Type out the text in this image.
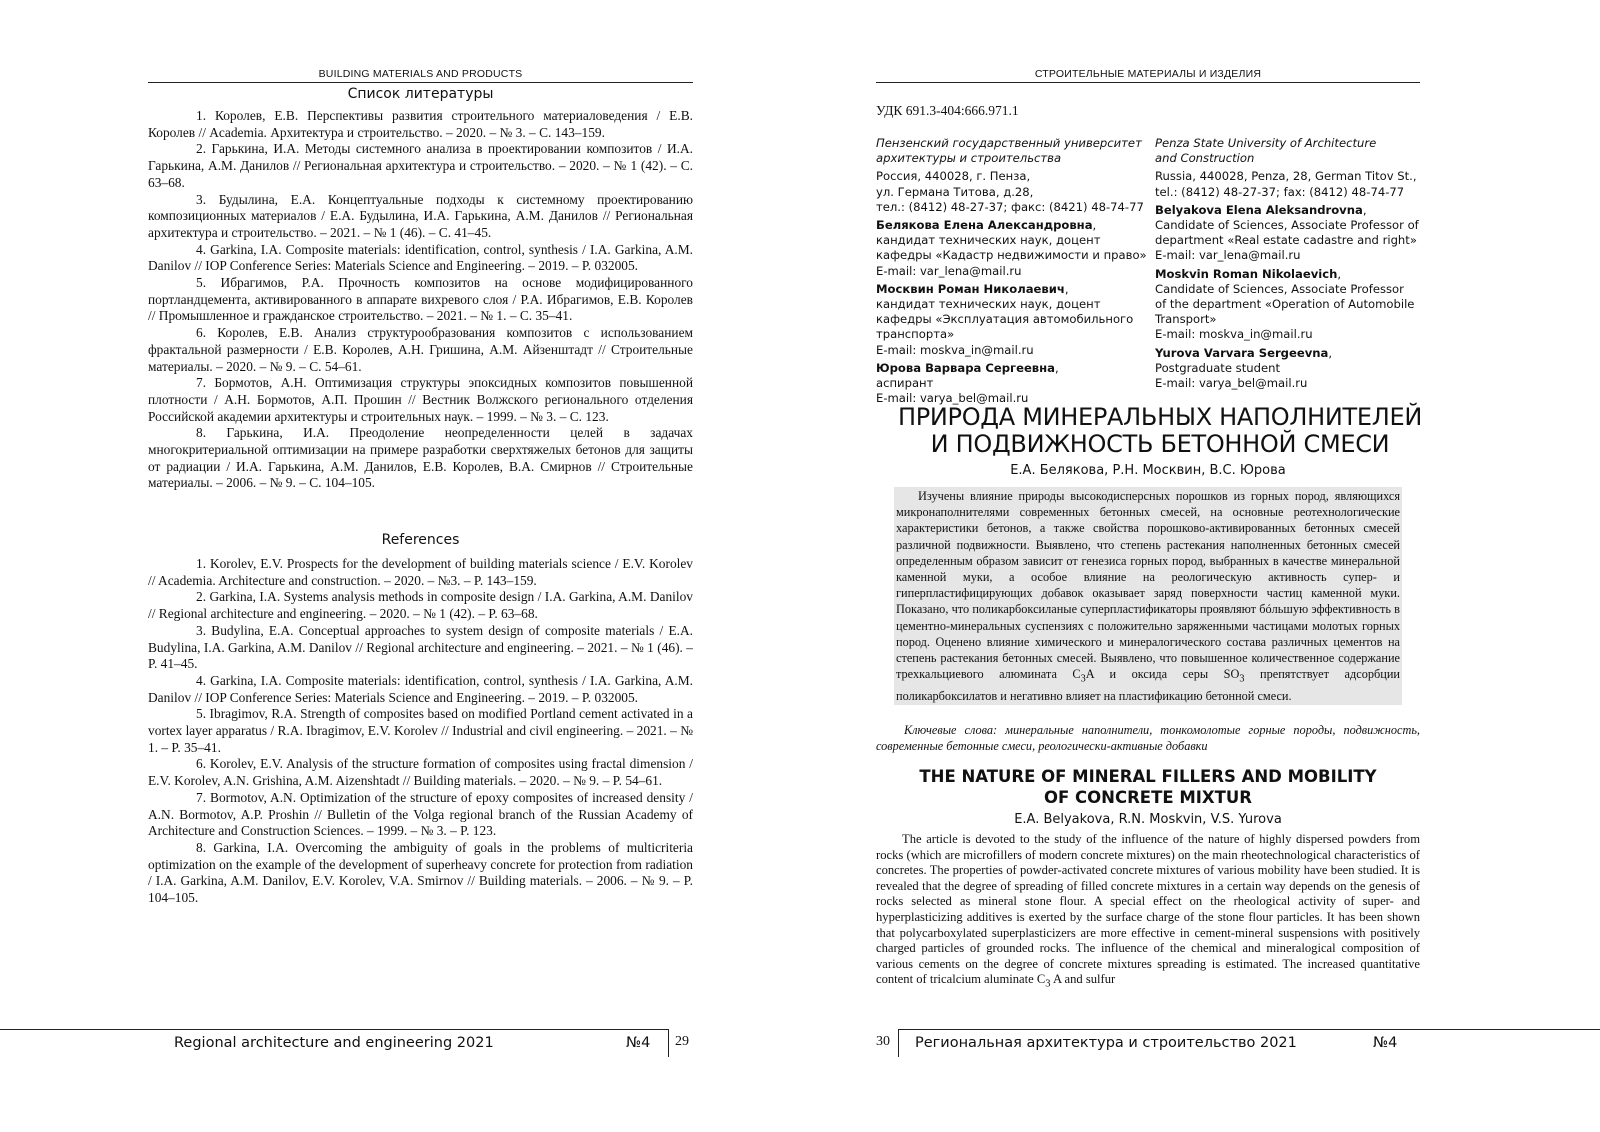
BUILDING MATERIALS AND PRODUCTS
Список литературы

1. Королев, Е.В. Перспективы развития строительного материаловедения / Е.В. Королев // Academia. Архитектура и строительство. – 2020. – № 3. – С. 143–159.

2. Гарькина, И.А. Методы системного анализа в проектировании композитов / И.А. Гарькина, А.М. Данилов // Региональная архитектура и строительство. – 2020. – № 1 (42). – С. 63–68.

3. Будылина, Е.А. Концептуальные подходы к системному проектированию композиционных материалов / Е.А. Будылина, И.А. Гарькина, А.М. Данилов // Региональная архитектура и строительство. – 2021. – № 1 (46). – С. 41–45.

4. Garkina, I.A. Composite materials: identification, control, synthesis / I.A. Garkina, A.M. Danilov // IOP Conference Series: Materials Science and Engineering. – 2019. – P. 032005.

5. Ибрагимов, Р.А. Прочность композитов на основе модифицированного портландцемента, активированного в аппарате вихревого слоя / Р.А. Ибрагимов, Е.В. Королев // Промышленное и гражданское строительство. – 2021. – № 1. – С. 35–41.

6. Королев, Е.В. Анализ структурообразования композитов с использованием фрактальной размерности / Е.В. Королев, А.Н. Гришина, А.М. Айзенштадт // Строительные материалы. – 2020. – № 9. – С. 54–61.

7. Бормотов, А.Н. Оптимизация структуры эпоксидных композитов повышенной плотности / А.Н. Бормотов, А.П. Прошин // Вестник Волжского регионального отделения Российской академии архитектуры и строительных наук. – 1999. – № 3. – С. 123.

8. Гарькина, И.А. Преодоление неопределенности целей в задачах многокритериальной оптимизации на примере разработки сверхтяжелых бетонов для защиты от радиации / И.А. Гарькина, А.М. Данилов, Е.В. Королев, В.А. Смирнов // Строительные материалы. – 2006. – № 9. – С. 104–105.

References

1. Korolev, E.V. Prospects for the development of building materials science / E.V. Korolev // Academia. Architecture and construction. – 2020. – №3. – P. 143–159.

2. Garkina, I.A. Systems analysis methods in composite design / I.A. Garkina, A.M. Danilov // Regional architecture and engineering. – 2020. – № 1 (42). – P. 63–68.

3. Budylina, E.A. Conceptual approaches to system design of composite materials / E.A. Budylina, I.A. Garkina, A.M. Danilov // Regional architecture and engineering. – 2021. – № 1 (46). – P. 41–45.

4. Garkina, I.A. Composite materials: identification, control, synthesis / I.A. Garkina, A.M. Danilov // IOP Conference Series: Materials Science and Engineering. – 2019. – P. 032005.

5. Ibragimov, R.A. Strength of composites based on modified Portland cement activated in a vortex layer apparatus / R.A. Ibragimov, E.V. Korolev // Industrial and civil engineering. – 2021. – № 1. – P. 35–41.

6. Korolev, E.V. Analysis of the structure formation of composites using fractal dimension / E.V. Korolev, A.N. Grishina, A.M. Aizenshtadt // Building materials. – 2020. – № 9. – P. 54–61.

7. Bormotov, A.N. Optimization of the structure of epoxy composites of increased density / A.N. Bormotov, A.P. Proshin // Bulletin of the Volga regional branch of the Russian Academy of Architecture and Construction Sciences. – 1999. – № 3. – P. 123.

8. Garkina, I.A. Overcoming the ambiguity of goals in the problems of multicriteria optimization on the example of the development of superheavy concrete for protection from radiation / I.A. Garkina, A.M. Danilov, E.V. Korolev, V.A. Smirnov // Building materials. – 2006. – № 9. – P. 104–105.

Regional architecture and engineering 2021	№4 29
СТРОИТЕЛЬНЫЕ МАТЕРИАЛЫ И ИЗДЕЛИЯ
УДК 691.3-404:666.971.1
Пензенский государственный университет
архитектуры и строительства
Россия, 440028, г. Пенза,
ул. Германа Титова, д.28,
тел.: (8412) 48-27-37; факс: (8421) 48-74-77
Белякова Елена Александровна,
кандидат технических наук, доцент
кафедры «Кадастр недвижимости и право»
E-mail: var_lena@mail.ru
Москвин Роман Николаевич,
кандидат технических наук, доцент
кафедры «Эксплуатация автомобильного
транспорта»
E-mail: moskva_in@mail.ru
Юрова Варвара Сергеевна,
аспирант
E-mail: varya_bel@mail.ru
Penza State University of Architecture
and Construction
Russia, 440028, Penza, 28, German Titov St.,
tel.: (8412) 48-27-37; fax: (8412) 48-74-77
Belyakova Elena Aleksandrovna,
Candidate of Sciences, Associate Professor of
department «Real estate cadastre and right»
E-mail: var_lena@mail.ru
Moskvin Roman Nikolaevich,
Candidate of Sciences, Associate Professor
of the department «Operation of Automobile
Transport»
E-mail: moskva_in@mail.ru
Yurova Varvara Sergeevna,
Postgraduate student
E-mail: varya_bel@mail.ru
ПРИРОДА МИНЕРАЛЬНЫХ НАПОЛНИТЕЛЕЙ
И ПОДВИЖНОСТЬ БЕТОННОЙ СМЕСИ
Е.А. Белякова, Р.Н. Москвин, В.С. Юрова

Изучены влияние природы высокодисперсных порошков из горных пород, являющихся микронаполнителями современных бетонных смесей, на основные реотехнологические характеристики бетонов, а также свойства порошково-активированных бетонных смесей различной подвижности. Выявлено, что степень растекания наполненных бетонных смесей определенным образом зависит от генезиса горных пород, выбранных в качестве минеральной каменной муки, а особое влияние на реологическую активность супер- и гиперпластифицирующих добавок оказывает заряд поверхности частиц каменной муки. Показано, что поликарбоксиланые суперпластификаторы проявляют бóльшую эффективность в цементно-минеральных суспензиях с положительно заряженными частицами молотых горных пород. Оценено влияние химического и минералогического состава различных цементов на степень растекания бетонных смесей. Выявлено, что повышенное количественное содержание трехкальциевого алюмината $C_3A$ и оксида серы $SO_3$ препятствует адсорбции поликарбоксилатов и негативно влияет на пластификацию бетонной смеси.

Ключевые слова: минеральные наполнители, тонкомолотые горные породы, подвижность, современные бетонные смеси, реологически-активные добавки

THE NATURE OF MINERAL FILLERS AND MOBILITY
OF CONCRETE MIXTUR
E.A. Belyakova, R.N. Moskvin, V.S. Yurova

The article is devoted to the study of the influence of the nature of highly dispersed powders from rocks (which are microfillers of modern concrete mixtures) on the main rheotechnological characteristics of concretes. The properties of powder-activated concrete mixtures of various mobility have been studied. It is revealed that the degree of spreading of filled concrete mixtures in a certain way depends on the genesis of rocks selected as mineral stone flour. A special effect on the rheological activity of super- and hyperplasticizing additives is exerted by the surface charge of the stone flour particles. It has been shown that polycarboxylated superplasticizers are more effective in cement-mineral suspensions with positively charged particles of grounded rocks. The influence of the chemical and mineralogical composition of various cements on the degree of concrete mixtures spreading is estimated. The increased quantitative content of tricalcium aluminate $C_3$ A and sulfur

30 Региональная архитектура и строительство 2021	№4
